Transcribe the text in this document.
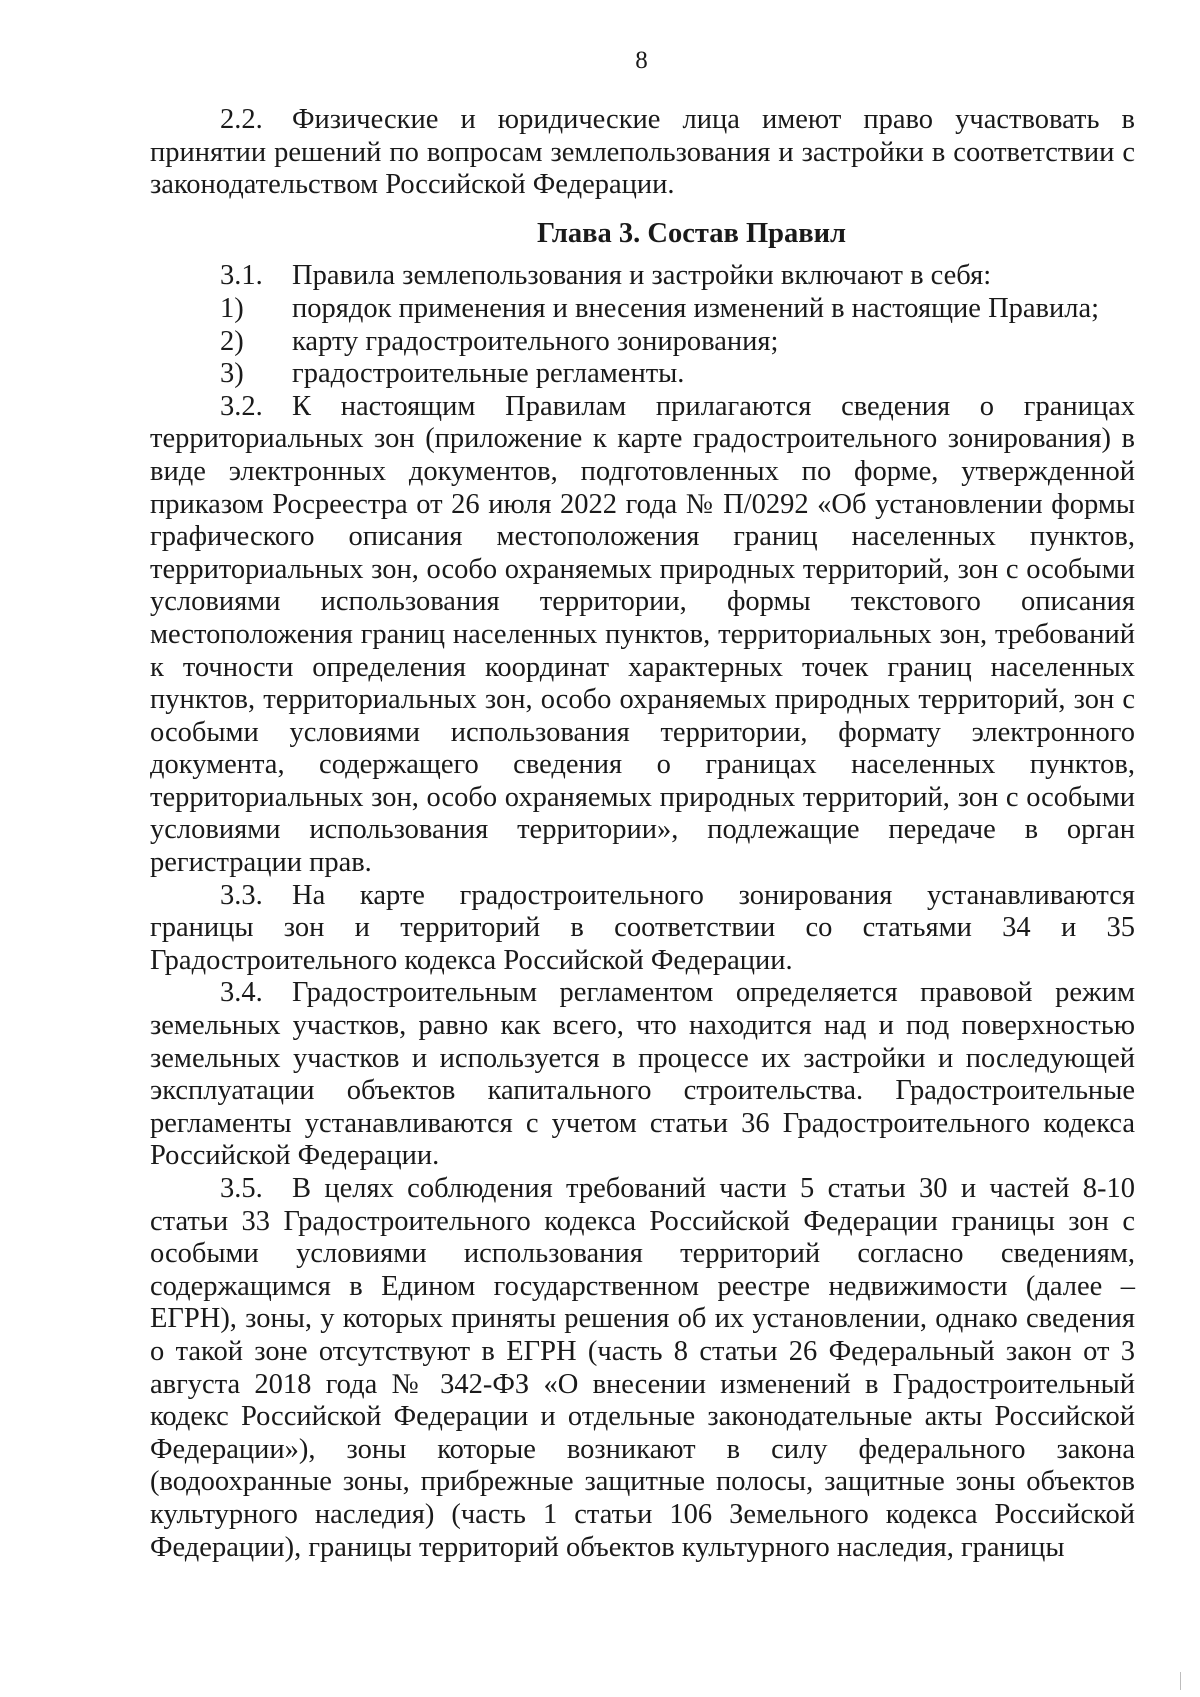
8

2.2. Физические и юридические лица имеют право участвовать в принятии решений по вопросам землепользования и застройки в соответствии с законодательством Российской Федерации.

Глава 3. Состав Правил

3.1. Правила землепользования и застройки включают в себя:

1) порядок применения и внесения изменений в настоящие Правила;

2) карту градостроительного зонирования;

3) градостроительные регламенты.

3.2. К настоящим Правилам прилагаются сведения о границах территориальных зон (приложение к карте градостроительного зонирования) в виде электронных документов, подготовленных по форме, утвержденной приказом Росреестра от 26 июля 2022 года № П/0292 «Об установлении формы графического описания местоположения границ населенных пунктов, территориальных зон, особо охраняемых природных территорий, зон с особыми условиями использования территории, формы текстового описания местоположения границ населенных пунктов, территориальных зон, требований к точности определения координат характерных точек границ населенных пунктов, территориальных зон, особо охраняемых природных территорий, зон с особыми условиями использования территории, формату электронного документа, содержащего сведения о границах населенных пунктов, территориальных зон, особо охраняемых природных территорий, зон с особыми условиями использования территории», подлежащие передаче в орган регистрации прав.

3.3. На карте градостроительного зонирования устанавливаются границы зон и территорий в соответствии со статьями 34 и 35 Градостроительного кодекса Российской Федерации.

3.4. Градостроительным регламентом определяется правовой режим земельных участков, равно как всего, что находится над и под поверхностью земельных участков и используется в процессе их застройки и последующей эксплуатации объектов капитального строительства. Градостроительные регламенты устанавливаются с учетом статьи 36 Градостроительного кодекса Российской Федерации.

3.5. В целях соблюдения требований части 5 статьи 30 и частей 8-10 статьи 33 Градостроительного кодекса Российской Федерации границы зон с особыми условиями использования территорий согласно сведениям, содержащимся в Едином государственном реестре недвижимости (далее – ЕГРН), зоны, у которых приняты решения об их установлении, однако сведения о такой зоне отсутствуют в ЕГРН (часть 8 статьи 26 Федеральный закон от 3 августа 2018 года № 342-ФЗ «О внесении изменений в Градостроительный кодекс Российской Федерации и отдельные законодательные акты Российской Федерации»), зоны которые возникают в силу федерального закона (водоохранные зоны, прибрежные защитные полосы, защитные зоны объектов культурного наследия) (часть 1 статьи 106 Земельного кодекса Российской Федерации), границы территорий объектов культурного наследия, границы
